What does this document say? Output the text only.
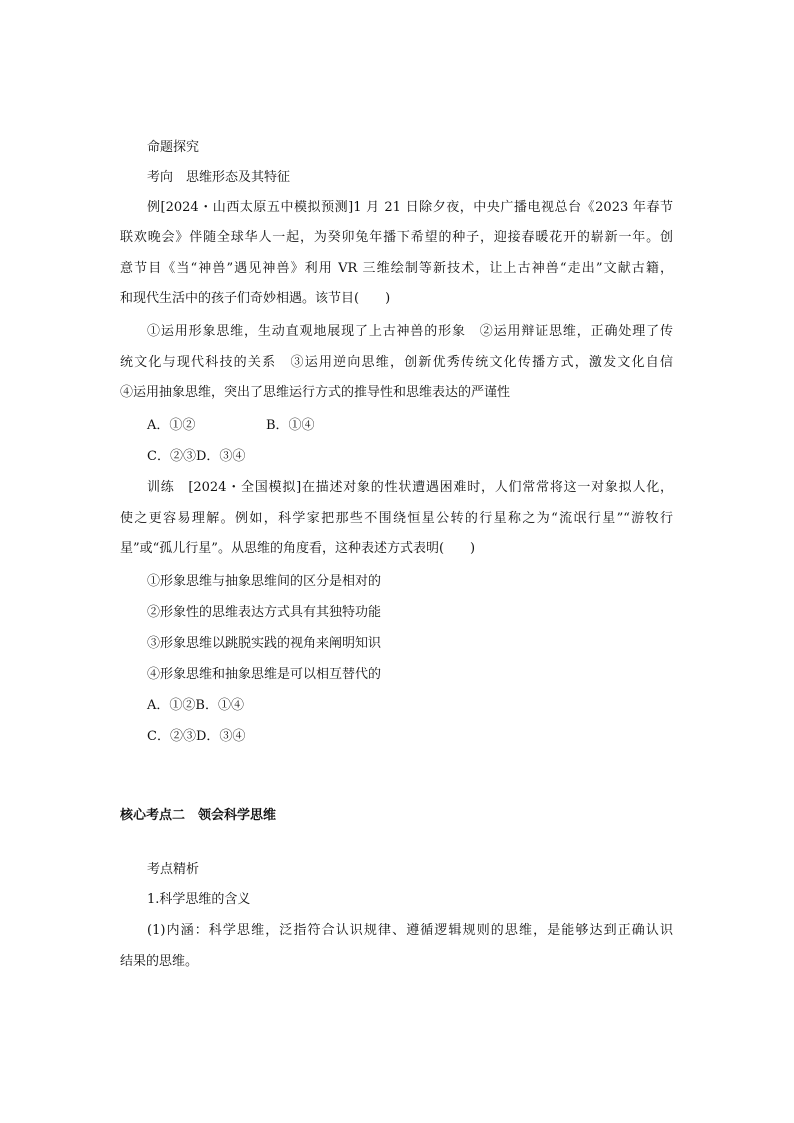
命题探究
考向　思维形态及其特征
例[2024・山西太原五中模拟预测]1 月 21 日除夕夜，中央广播电视总台《2023 年春节
联欢晚会》伴随全球华人一起，为癸卯兔年播下希望的种子，迎接春暖花开的崭新一年。创
意节目《当“神兽”遇见神兽》利用 VR 三维绘制等新技术，让上古神兽“走出”文献古籍，
和现代生活中的孩子们奇妙相遇。该节目(　　)
①运用形象思维，生动直观地展现了上古神兽的形象　②运用辩证思维，正确处理了传
统文化与现代科技的关系　③运用逆向思维，创新优秀传统文化传播方式，激发文化自信
④运用抽象思维，突出了思维运行方式的推导性和思维表达的严谨性
A．①②	B．①④
C．②③D．③④
训练　[2024・全国模拟]在描述对象的性状遭遇困难时，人们常常将这一对象拟人化，
使之更容易理解。例如，科学家把那些不围绕恒星公转的行星称之为“流氓行星”“游牧行
星”或“孤儿行星”。从思维的角度看，这种表述方式表明(　　)
①形象思维与抽象思维间的区分是相对的
②形象性的思维表达方式具有其独特功能
③形象思维以跳脱实践的视角来阐明知识
④形象思维和抽象思维是可以相互替代的
A．①②B．①④
C．②③D．③④
核心考点二　领会科学思维
考点精析
1.科学思维的含义
(1)内涵：科学思维，泛指符合认识规律、遵循逻辑规则的思维，是能够达到正确认识
结果的思维。
